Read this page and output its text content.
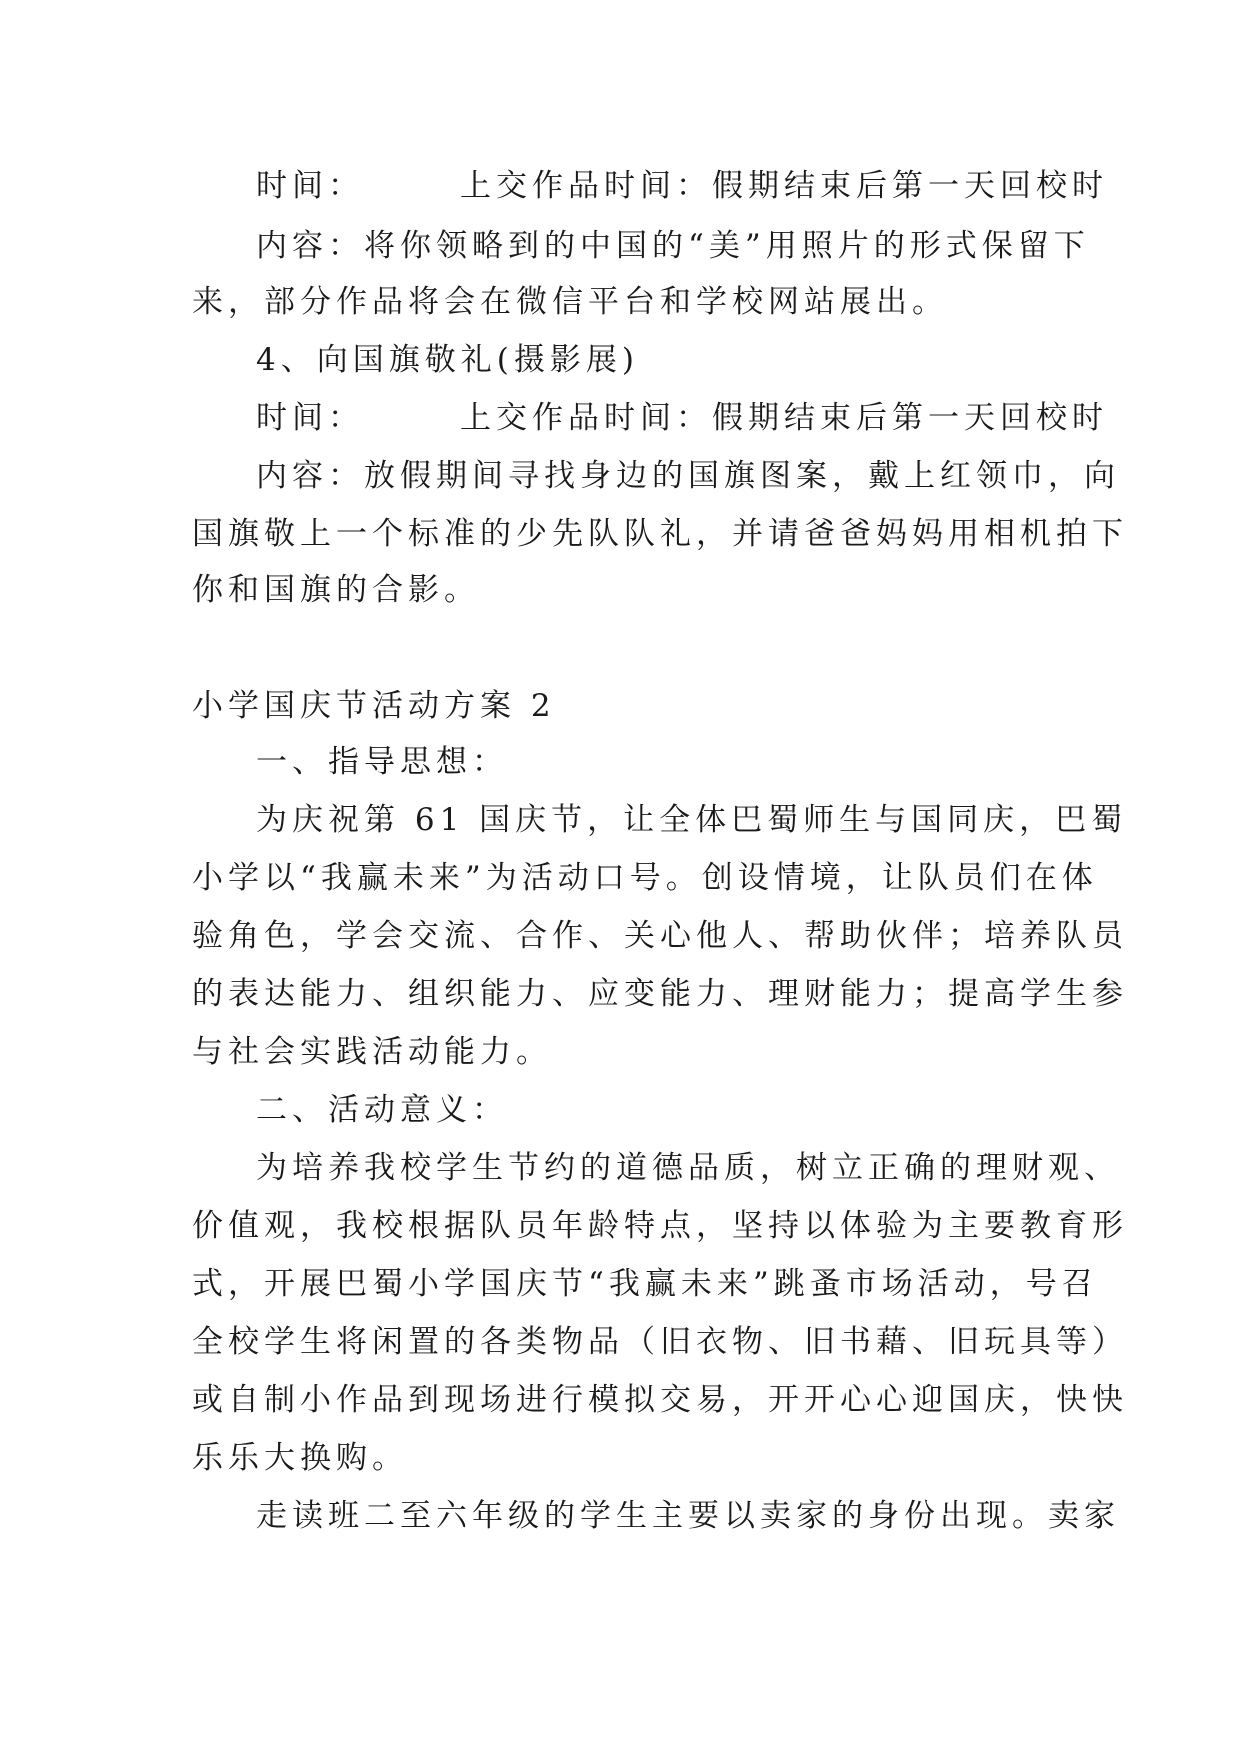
时间：	上交作品时间：假期结束后第一天回校时
内容：将你领略到的中国的“美”用照片的形式保留下
来，部分作品将会在微信平台和学校网站展出。
4、向国旗敬礼(摄影展)
时间：	上交作品时间：假期结束后第一天回校时
内容：放假期间寻找身边的国旗图案，戴上红领巾，向
国旗敬上一个标准的少先队队礼，并请爸爸妈妈用相机拍下
你和国旗的合影。
小学国庆节活动方案 2
一、指导思想：
为庆祝第 61 国庆节，让全体巴蜀师生与国同庆，巴蜀
小学以“我赢未来”为活动口号。创设情境，让队员们在体
验角色，学会交流、合作、关心他人、帮助伙伴；培养队员
的表达能力、组织能力、应变能力、理财能力；提高学生参
与社会实践活动能力。
二、活动意义：
为培养我校学生节约的道德品质，树立正确的理财观、
价值观，我校根据队员年龄特点，坚持以体验为主要教育形
式，开展巴蜀小学国庆节“我赢未来”跳蚤市场活动，号召
全校学生将闲置的各类物品（旧衣物、旧书藉、旧玩具等）
或自制小作品到现场进行模拟交易，开开心心迎国庆，快快
乐乐大换购。
走读班二至六年级的学生主要以卖家的身份出现。卖家
